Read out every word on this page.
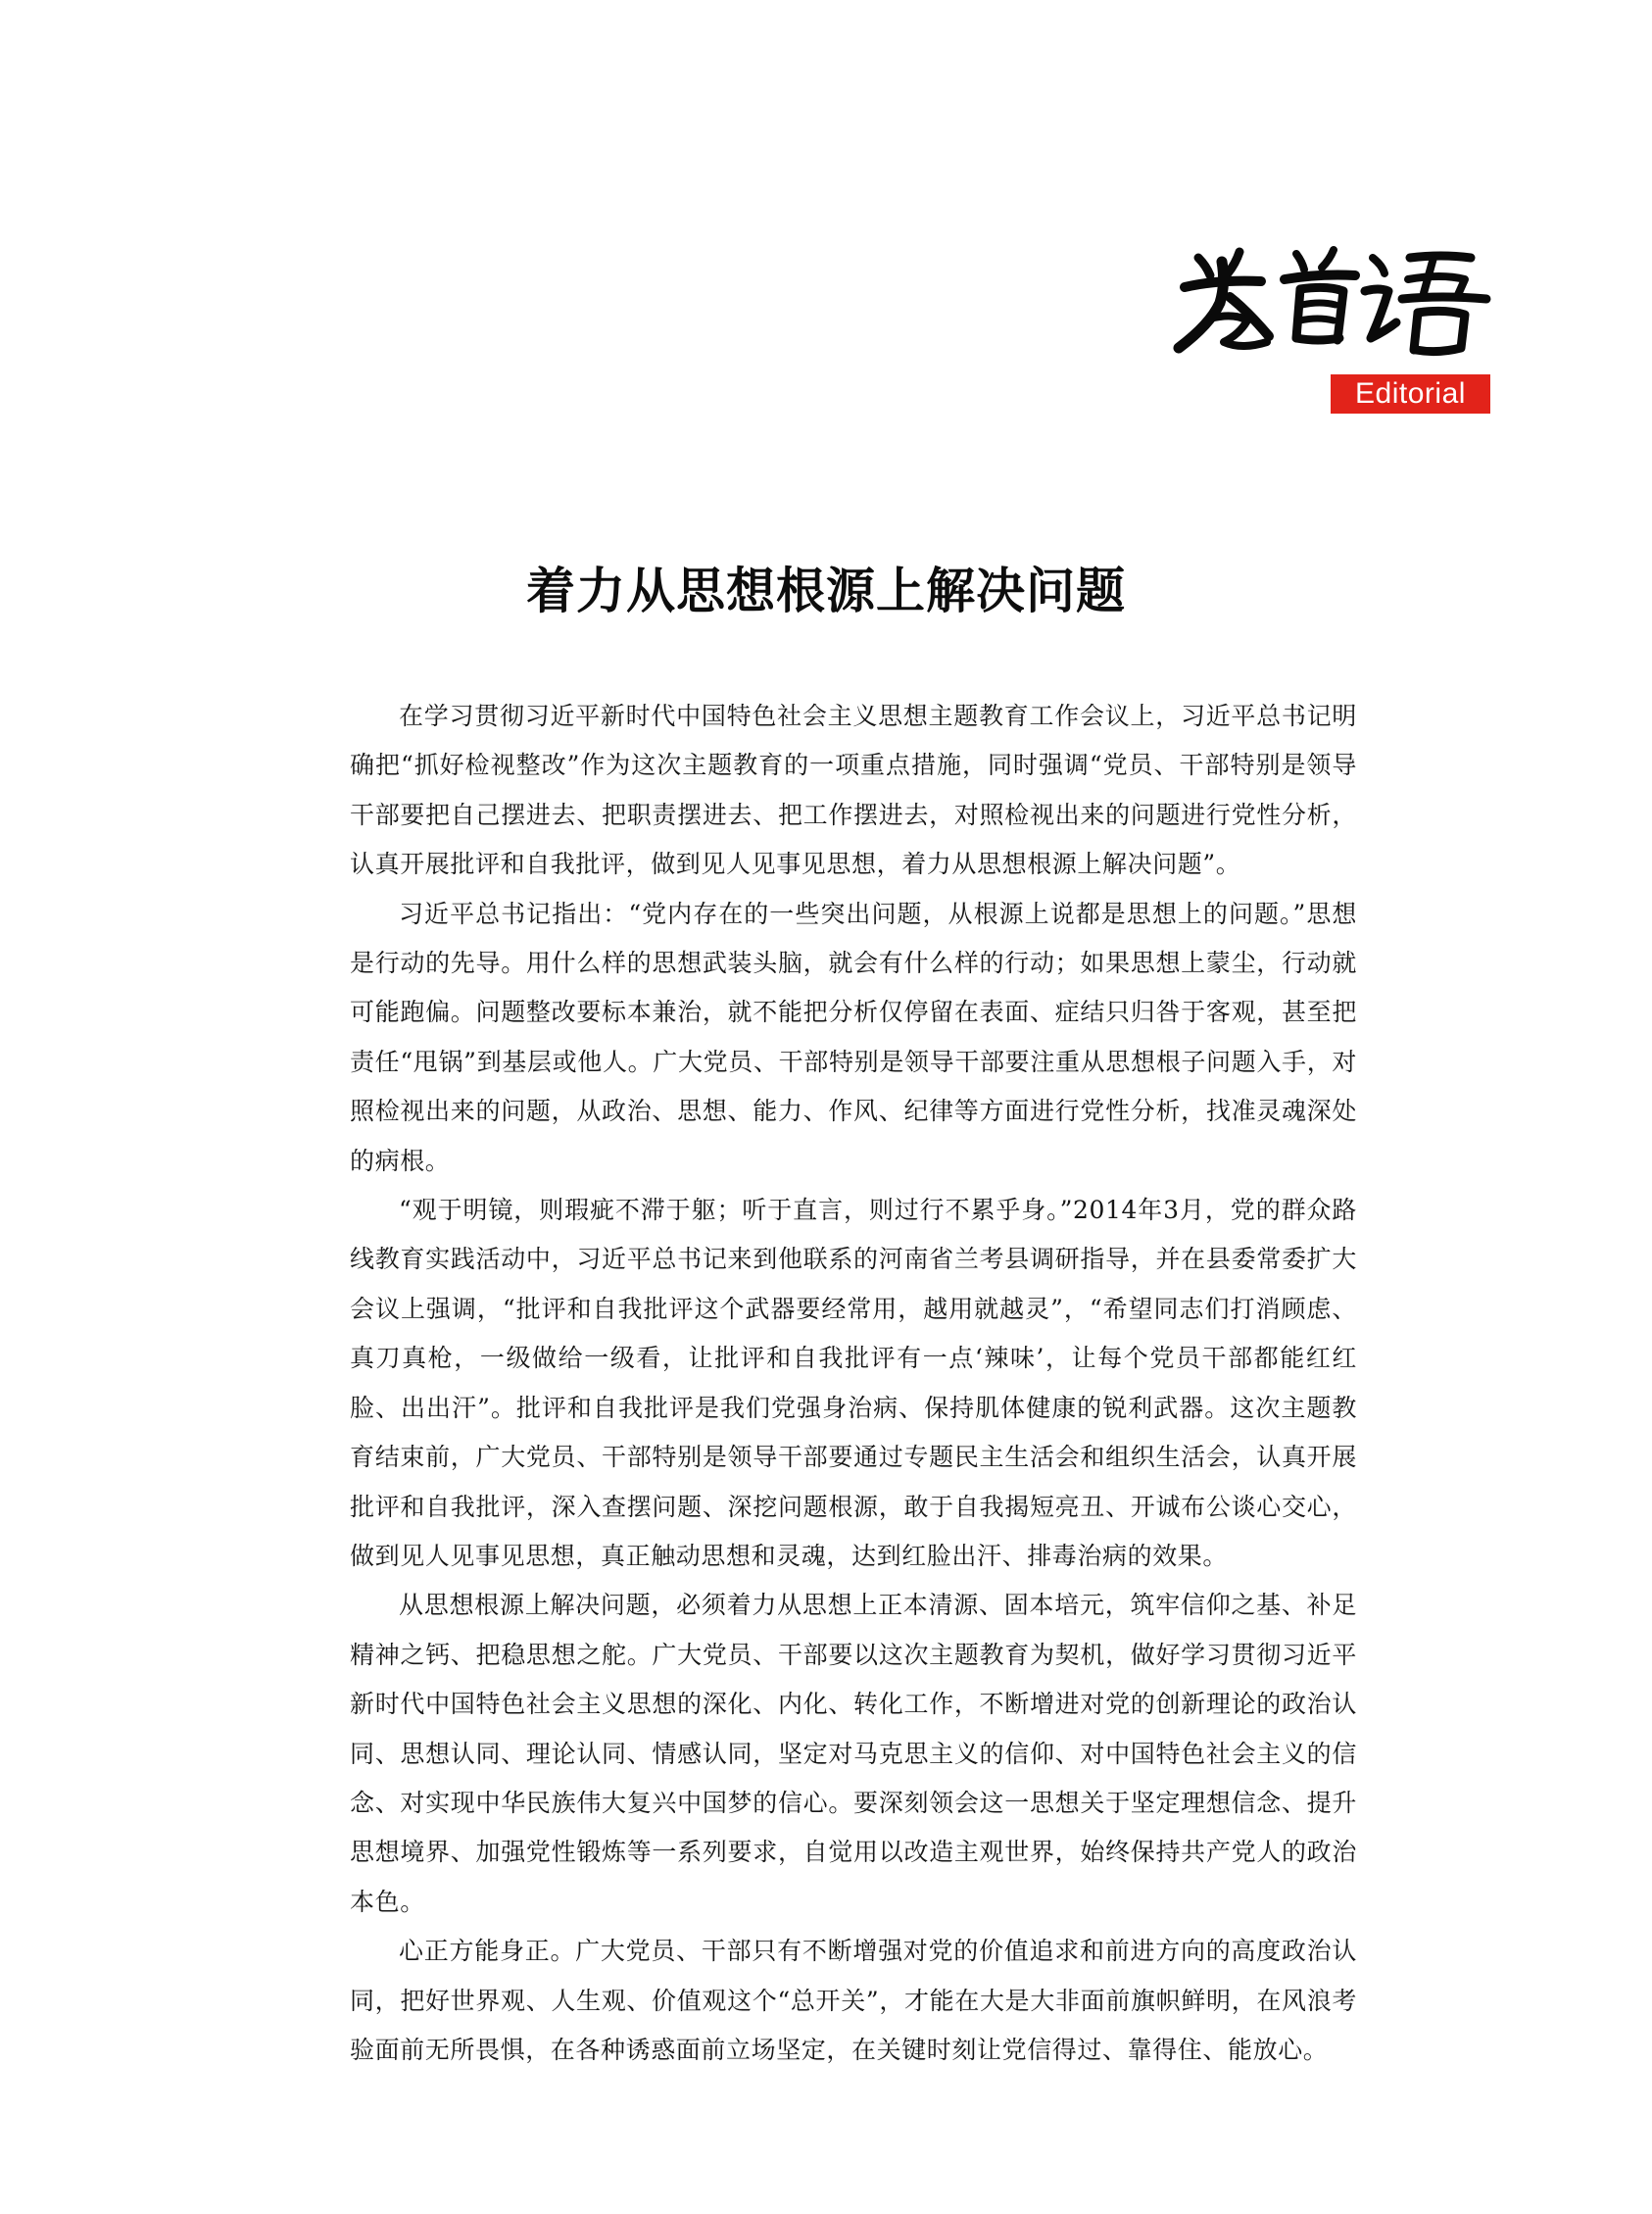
Editorial
着力从思想根源上解决问题

在学习贯彻习近平新时代中国特色社会主义思想主题教育工作会议上，习近平总书记明确把“抓好检视整改”作为这次主题教育的一项重点措施，同时强调“党员、干部特别是领导干部要把自己摆进去、把职责摆进去、把工作摆进去，对照检视出来的问题进行党性分析，认真开展批评和自我批评，做到见人见事见思想，着力从思想根源上解决问题”。

习近平总书记指出：“党内存在的一些突出问题，从根源上说都是思想上的问题。”思想是行动的先导。用什么样的思想武装头脑，就会有什么样的行动；如果思想上蒙尘，行动就可能跑偏。问题整改要标本兼治，就不能把分析仅停留在表面、症结只归咎于客观，甚至把责任“甩锅”到基层或他人。广大党员、干部特别是领导干部要注重从思想根子问题入手，对照检视出来的问题，从政治、思想、能力、作风、纪律等方面进行党性分析，找准灵魂深处的病根。

“观于明镜，则瑕疵不滞于躯；听于直言，则过行不累乎身。”2014年3月，党的群众路线教育实践活动中，习近平总书记来到他联系的河南省兰考县调研指导，并在县委常委扩大会议上强调，“批评和自我批评这个武器要经常用，越用就越灵”，“希望同志们打消顾虑、真刀真枪，一级做给一级看，让批评和自我批评有一点‘辣味’，让每个党员干部都能红红脸、出出汗”。批评和自我批评是我们党强身治病、保持肌体健康的锐利武器。这次主题教育结束前，广大党员、干部特别是领导干部要通过专题民主生活会和组织生活会，认真开展批评和自我批评，深入查摆问题、深挖问题根源，敢于自我揭短亮丑、开诚布公谈心交心，做到见人见事见思想，真正触动思想和灵魂，达到红脸出汗、排毒治病的效果。

从思想根源上解决问题，必须着力从思想上正本清源、固本培元，筑牢信仰之基、补足精神之钙、把稳思想之舵。广大党员、干部要以这次主题教育为契机，做好学习贯彻习近平新时代中国特色社会主义思想的深化、内化、转化工作，不断增进对党的创新理论的政治认同、思想认同、理论认同、情感认同，坚定对马克思主义的信仰、对中国特色社会主义的信念、对实现中华民族伟大复兴中国梦的信心。要深刻领会这一思想关于坚定理想信念、提升思想境界、加强党性锻炼等一系列要求，自觉用以改造主观世界，始终保持共产党人的政治本色。

心正方能身正。广大党员、干部只有不断增强对党的价值追求和前进方向的高度政治认同，把好世界观、人生观、价值观这个“总开关”，才能在大是大非面前旗帜鲜明，在风浪考验面前无所畏惧，在各种诱惑面前立场坚定，在关键时刻让党信得过、靠得住、能放心。
